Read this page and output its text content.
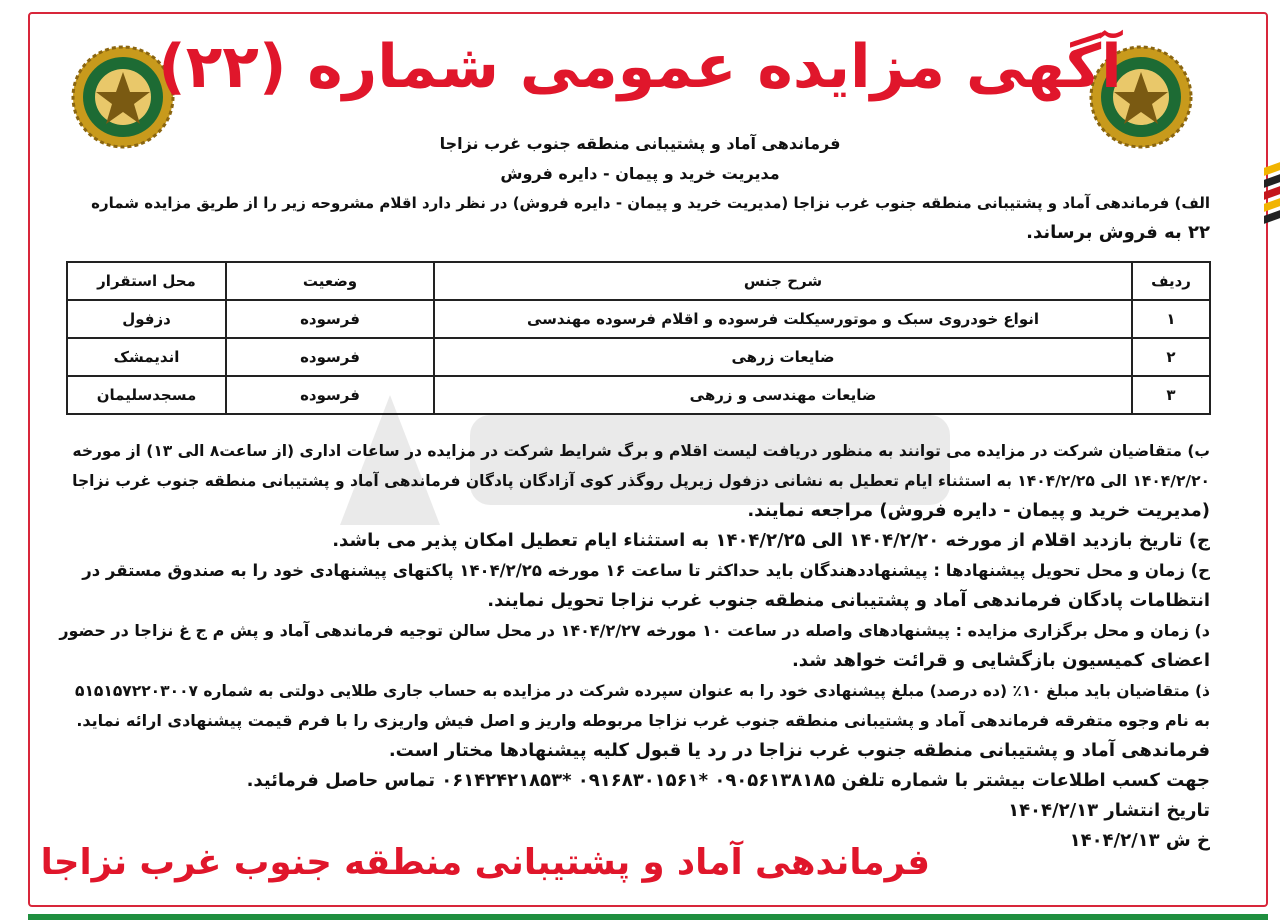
آگهی مزایده عمومی شماره (۲۲)
فرماندهی آماد و پشتیبانی منطقه جنوب غرب نزاجا
مدیریت خرید و پیمان - دایره فروش
الف) فرماندهی آماد و پشتیبانی منطقه جنوب غرب نزاجا (مدیریت خرید و پیمان - دایره فروش) در نظر دارد اقلام مشروحه زیر را از طریق مزایده شماره
۲۲ به فروش برساند.
ردیف	شرح جنس	وضعیت	محل استقرار
۱	انواع خودروی سبک و موتورسیکلت فرسوده و اقلام فرسوده مهندسی	فرسوده	دزفول
۲	ضایعات زرهی	فرسوده	اندیمشک
۳	ضایعات مهندسی و زرهی	فرسوده	مسجدسلیمان
ب) متقاضیان شرکت در مزایده می توانند به منظور دریافت لیست اقلام و برگ شرایط شرکت در مزایده در ساعات اداری (از ساعت۸ الی ۱۳) از مورخه
۱۴۰۴/۲/۲۰ الی ۱۴۰۴/۲/۲۵ به استثناء ایام تعطیل به نشانی دزفول زیرپل روگذر کوی آزادگان پادگان فرماندهی آماد و پشتیبانی منطقه جنوب غرب نزاجا
(مدیریت خرید و پیمان - دایره فروش) مراجعه نمایند.
ج) تاریخ بازدید اقلام از مورخه ۱۴۰۴/۲/۲۰ الی ۱۴۰۴/۲/۲۵ به استثناء ایام تعطیل امکان پذیر می باشد.
ح) زمان و محل تحویل پیشنهادها : پیشنهاددهندگان باید حداکثر تا ساعت ۱۶ مورخه ۱۴۰۴/۲/۲۵ پاکتهای پیشنهادی خود را به صندوق مستقر در
انتظامات پادگان فرماندهی آماد و پشتیبانی منطقه جنوب غرب نزاجا تحویل نمایند.
د) زمان و محل برگزاری مزایده : پیشنهادهای واصله در ساعت ۱۰ مورخه ۱۴۰۴/۲/۲۷ در محل سالن توجیه فرماندهی آماد و پش م ج غ نزاجا در حضور
اعضای کمیسیون بازگشایی و قرائت خواهد شد.
ذ) متقاضیان باید مبلغ ۱۰٪ (ده درصد) مبلغ پیشنهادی خود را به عنوان سپرده شرکت در مزایده به حساب جاری طلایی دولتی به شماره ۵۱۵۱۵۷۲۲۰۳۰۰۷
به نام وجوه متفرقه فرماندهی آماد و پشتیبانی منطقه جنوب غرب نزاجا مربوطه واریز و اصل فیش واریزی را با فرم قیمت پیشنهادی ارائه نماید.
فرماندهی آماد و پشتیبانی منطقه جنوب غرب نزاجا در رد یا قبول کلیه پیشنهادها مختار است.
جهت کسب اطلاعات بیشتر با شماره تلفن ۰۹۰۵۶۱۳۸۱۸۵ *۰۹۱۶۸۳۰۱۵۶۱ *۰۶۱۴۲۴۲۱۸۵۳ تماس حاصل فرمائید.
تاریخ انتشار ۱۴۰۴/۲/۱۳
خ ش ۱۴۰۴/۲/۱۳
فرماندهی آماد و پشتیبانی منطقه جنوب غرب نزاجا
